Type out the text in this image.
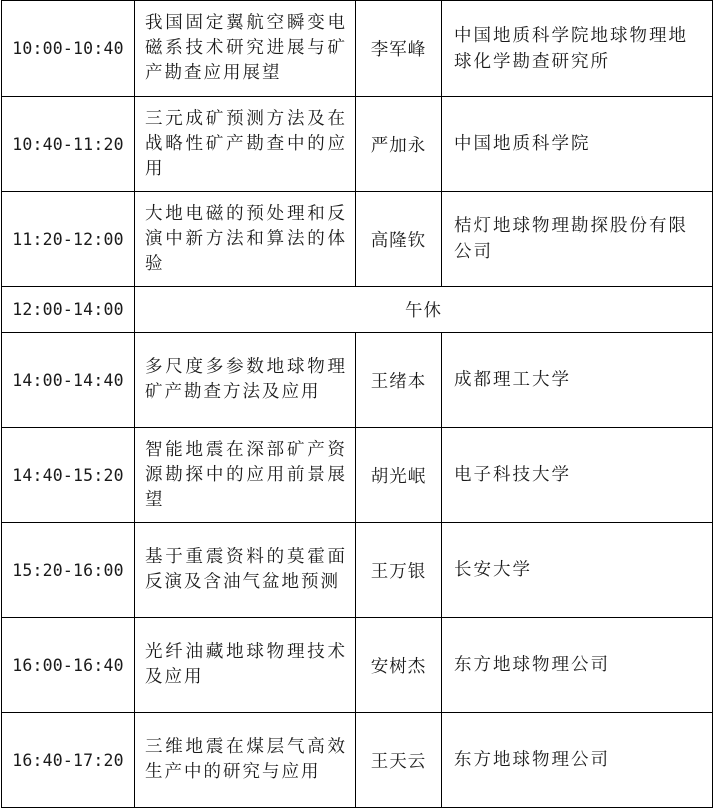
10:00-10:40	我国固定翼航空瞬变电磁系技术研究进展与矿产勘查应用展望	李军峰	中国地质科学院地球物理地球化学勘查研究所
10:40-11:20	三元成矿预测方法及在战略性矿产勘查中的应用	严加永	中国地质科学院
11:20-12:00	大地电磁的预处理和反演中新方法和算法的体验	高隆钦	桔灯地球物理勘探股份有限公司
12:00-14:00	午休		
14:00-14:40	多尺度多参数地球物理矿产勘查方法及应用	王绪本	成都理工大学
14:40-15:20	智能地震在深部矿产资源勘探中的应用前景展望	胡光岷	电子科技大学
15:20-16:00	基于重震资料的莫霍面反演及含油气盆地预测	王万银	长安大学
16:00-16:40	光纤油藏地球物理技术及应用	安树杰	东方地球物理公司
16:40-17:20	三维地震在煤层气高效生产中的研究与应用	王天云	东方地球物理公司
